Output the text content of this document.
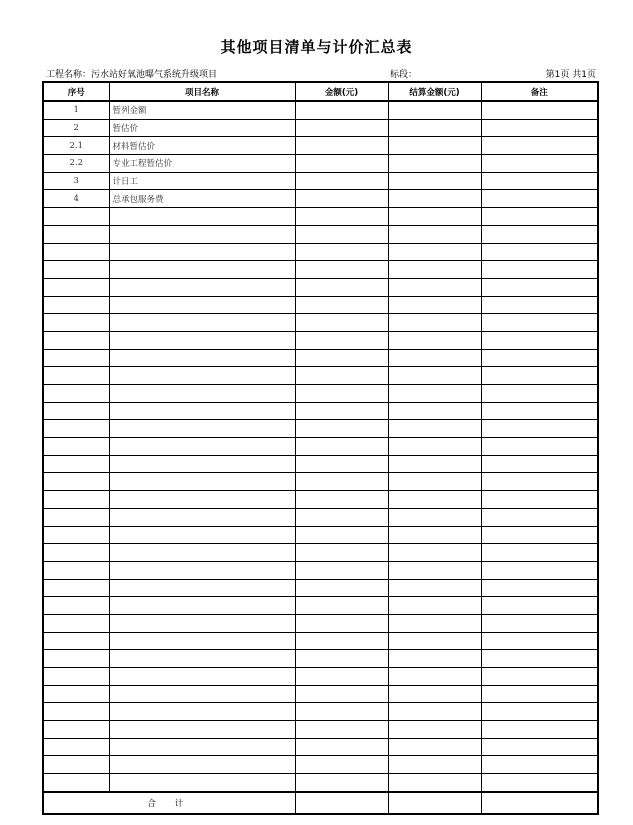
其他项目清单与计价汇总表
工程名称：污水站好氧池曝气系统升级项目	标段：	第1页 共1页
序号	项目名称	金额(元)	结算金额(元)	备注
1	暂列金额			
2	暂估价			
2.1	材料暂估价			
2.2	专业工程暂估价			
3	计日工			
4	总承包服务费			

合 计				
